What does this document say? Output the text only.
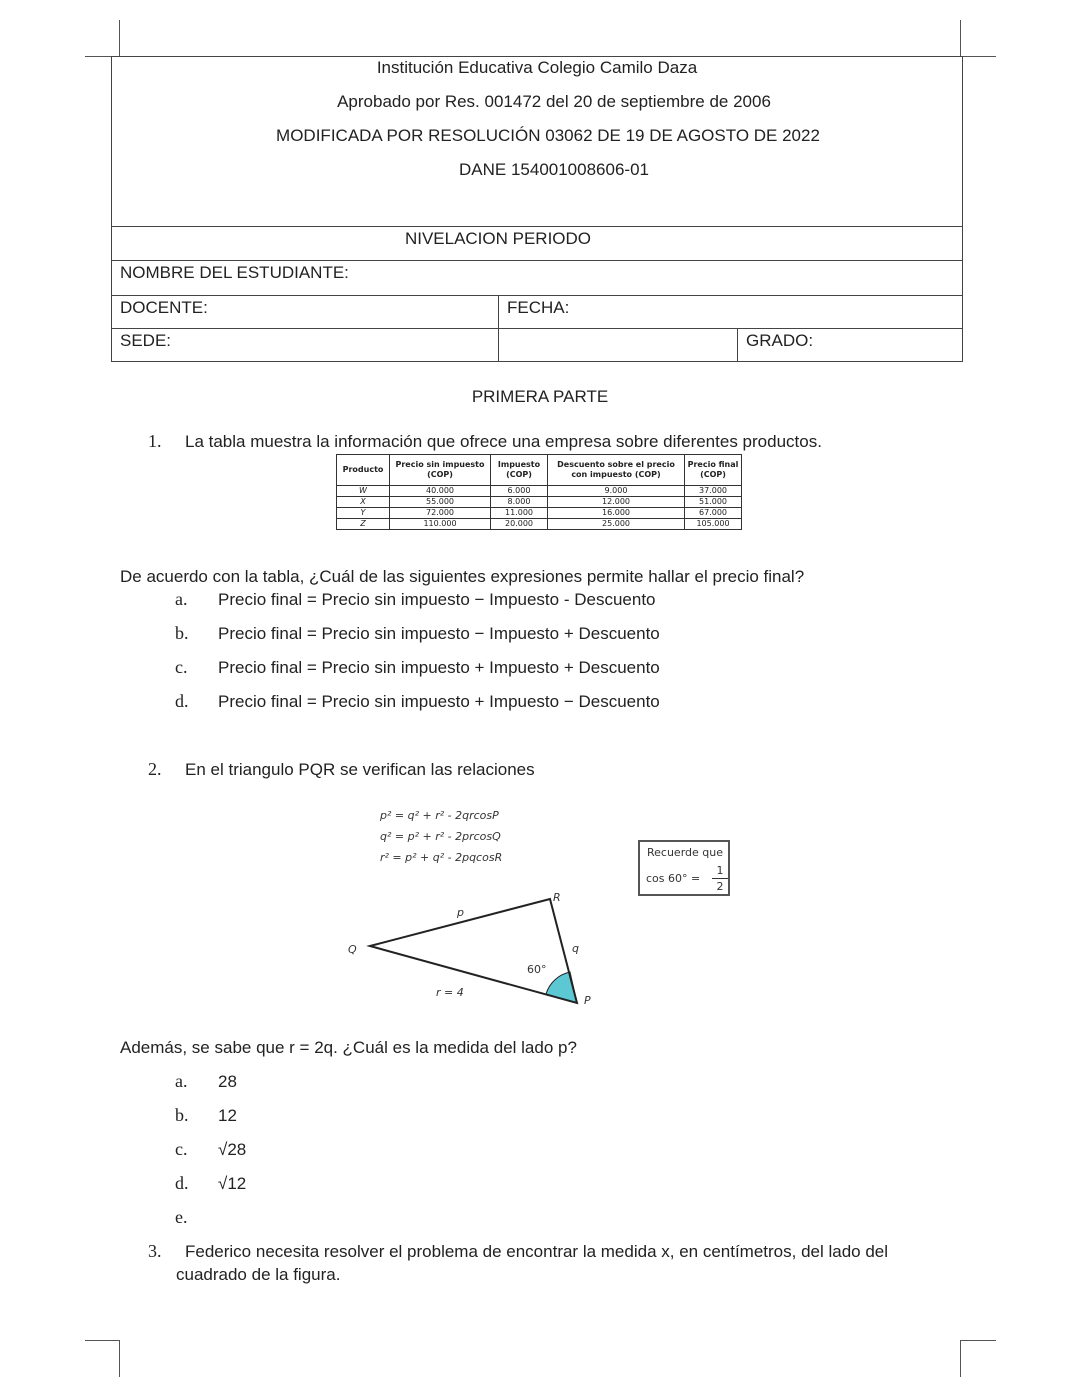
Institución Educativa Colegio Camilo Daza
Aprobado por Res. 001472 del 20 de septiembre de 2006
MODIFICADA POR RESOLUCIÓN 03062 DE 19 DE AGOSTO DE 2022
DANE 154001008606-01
NIVELACION PERIODO
NOMBRE DEL ESTUDIANTE:
DOCENTE:	FECHA:
SEDE:	GRADO:
PRIMERA PARTE
1. La tabla muestra la información que ofrece una empresa sobre diferentes productos.
Producto	Precio sin impuesto (COP)	Impuesto (COP)	Descuento sobre el precio con impuesto (COP)	Precio final (COP)
W	40.000	6.000	9.000	37.000
X	55.000	8.000	12.000	51.000
Y	72.000	11.000	16.000	67.000
Z	110.000	20.000	25.000	105.000
De acuerdo con la tabla, ¿Cuál de las siguientes expresiones permite hallar el precio final?
a. Precio final = Precio sin impuesto − Impuesto - Descuento
b. Precio final = Precio sin impuesto − Impuesto + Descuento
c. Precio final = Precio sin impuesto + Impuesto + Descuento
d. Precio final = Precio sin impuesto + Impuesto − Descuento
2. En el triangulo PQR se verifican las relaciones
p² = q² + r² - 2qrcosP
q² = p² + r² - 2prcosQ
r² = p² + q² - 2pqcosR	Recuerde que
cos 60° =
1
2
Q
R
P
p
q
r = 4
60°
Además, se sabe que r = 2q. ¿Cuál es la medida del lado p?
a. 28
b. 12
c. √28
d. √12
e.
3. Federico necesita resolver el problema de encontrar la medida x, en centímetros, del lado del
cuadrado de la figura.
